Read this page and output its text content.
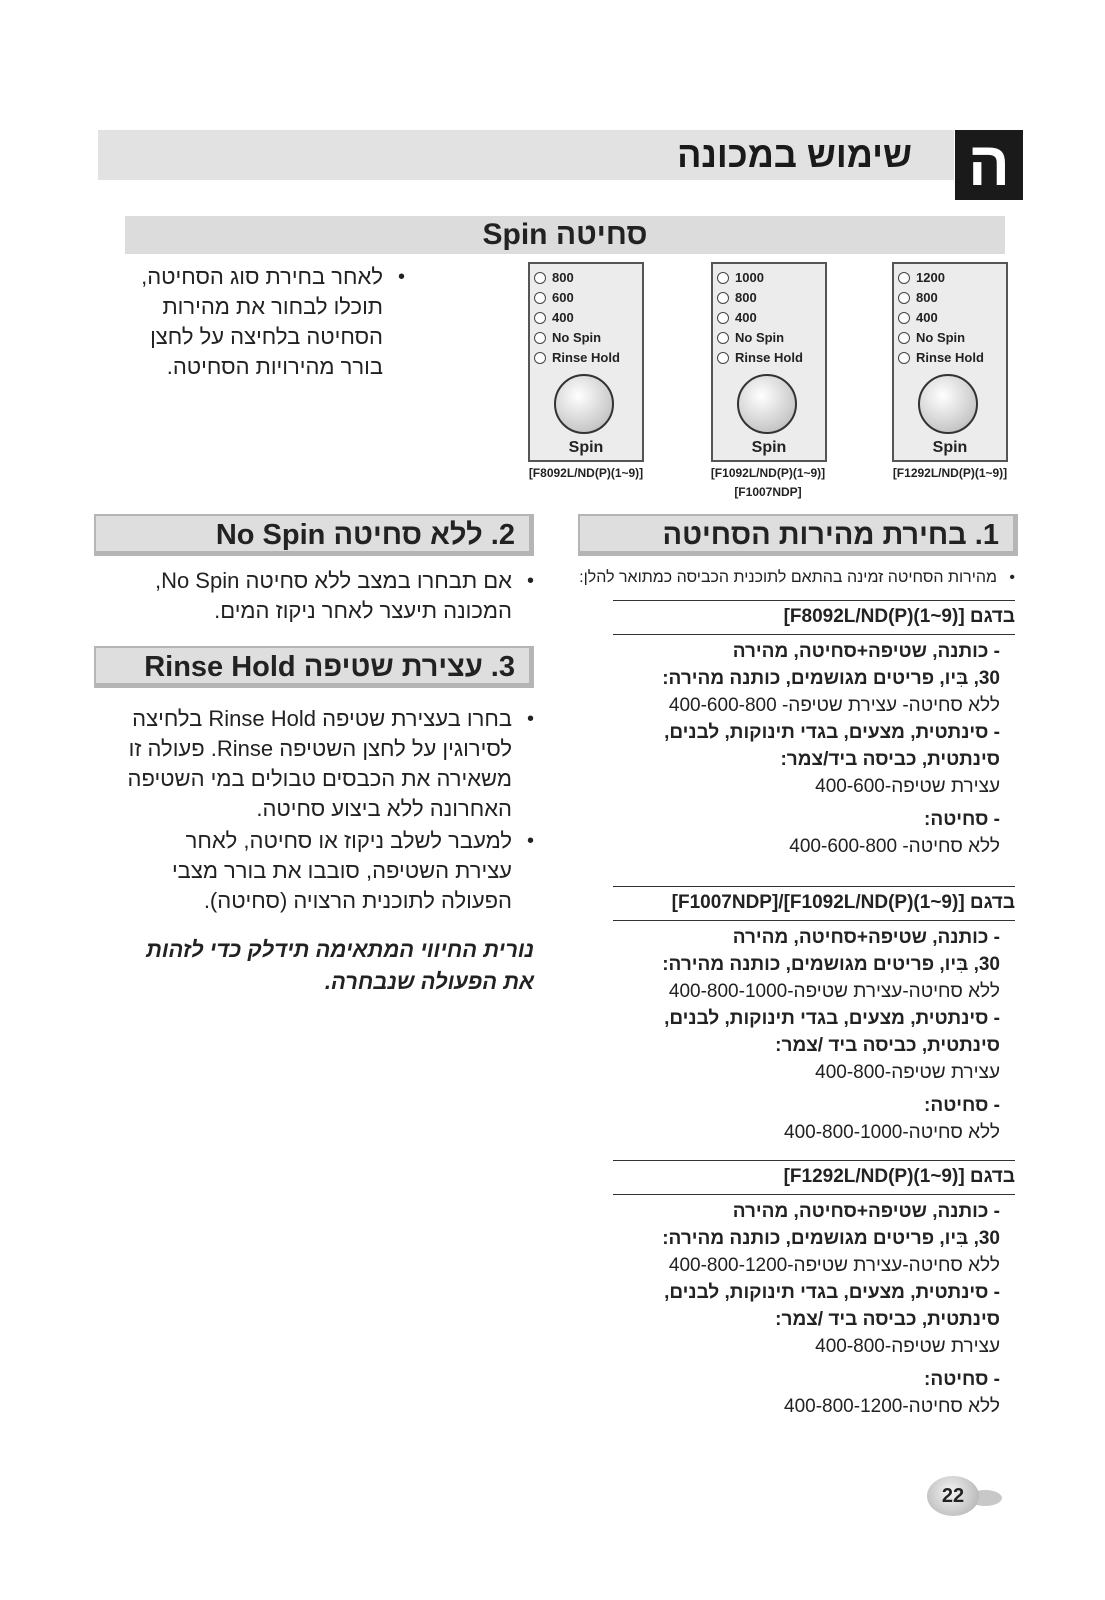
שימוש במכונה ה
סחיטה Spin
•
לאחר בחירת סוג הסחיטה,
תוכלו לבחור את מהירות
הסחיטה בלחיצה על לחצן
בורר מהירויות הסחיטה.
1200
800
400
No Spin
Rinse Hold
Spin
[F1292L/ND(P)(1~9)]
1000
800
400
No Spin
Rinse Hold
Spin
[F1092L/ND(P)(1~9)]
[F1007NDP]
800
600
400
No Spin
Rinse Hold
Spin
[F8092L/ND(P)(1~9)]
1. בחירת מהירות הסחיטה
2. ללא סחיטה No Spin
•
מהירות הסחיטה זמינה בהתאם לתוכנית הכביסה כמתואר להלן:
בדגם [F8092L/ND(P)(1~9)]
- כותנה, שטיפה+סחיטה, מהירה
30, בִּיו, פריטים מגושמים, כותנה מהירה:
ללא סחיטה- עצירת שטיפה- 400-600-800
- סינתטית, מצעים, בגדי תינוקות, לבנים,
סינתטית, כביסה ביד/צמר:
עצירת שטיפה-400-600
- סחיטה:
ללא סחיטה- 400-600-800
בדגם [F1092L/ND(P)(1~9)]/[F1007NDP]
- כותנה, שטיפה+סחיטה, מהירה
30, בִּיו, פריטים מגושמים, כותנה מהירה:
ללא סחיטה-עצירת שטיפה-400-800-1000
- סינתטית, מצעים, בגדי תינוקות, לבנים,
סינתטית, כביסה ביד /צמר:
עצירת שטיפה-400-800
- סחיטה:
ללא סחיטה-400-800-1000
בדגם [F1292L/ND(P)(1~9)]
- כותנה, שטיפה+סחיטה, מהירה
30, בִּיו, פריטים מגושמים, כותנה מהירה:
ללא סחיטה-עצירת שטיפה-400-800-1200
- סינתטית, מצעים, בגדי תינוקות, לבנים,
סינתטית, כביסה ביד /צמר:
עצירת שטיפה-400-800
- סחיטה:
ללא סחיטה-400-800-1200
•
אם תבחרו במצב ללא סחיטה No Spin,
המכונה תיעצר לאחר ניקוז המים.
3. עצירת שטיפה Rinse Hold
•
בחרו בעצירת שטיפה Rinse Hold בלחיצה
לסירוגין על לחצן השטיפה Rinse. פעולה זו
משאירה את הכבסים טבולים במי השטיפה
האחרונה ללא ביצוע סחיטה.
•
למעבר לשלב ניקוז או סחיטה, לאחר
עצירת השטיפה, סובבו את בורר מצבי
הפעולה לתוכנית הרצויה (סחיטה).
נורית החיווי המתאימה תידלק כדי לזהות
את הפעולה שנבחרה.
22
